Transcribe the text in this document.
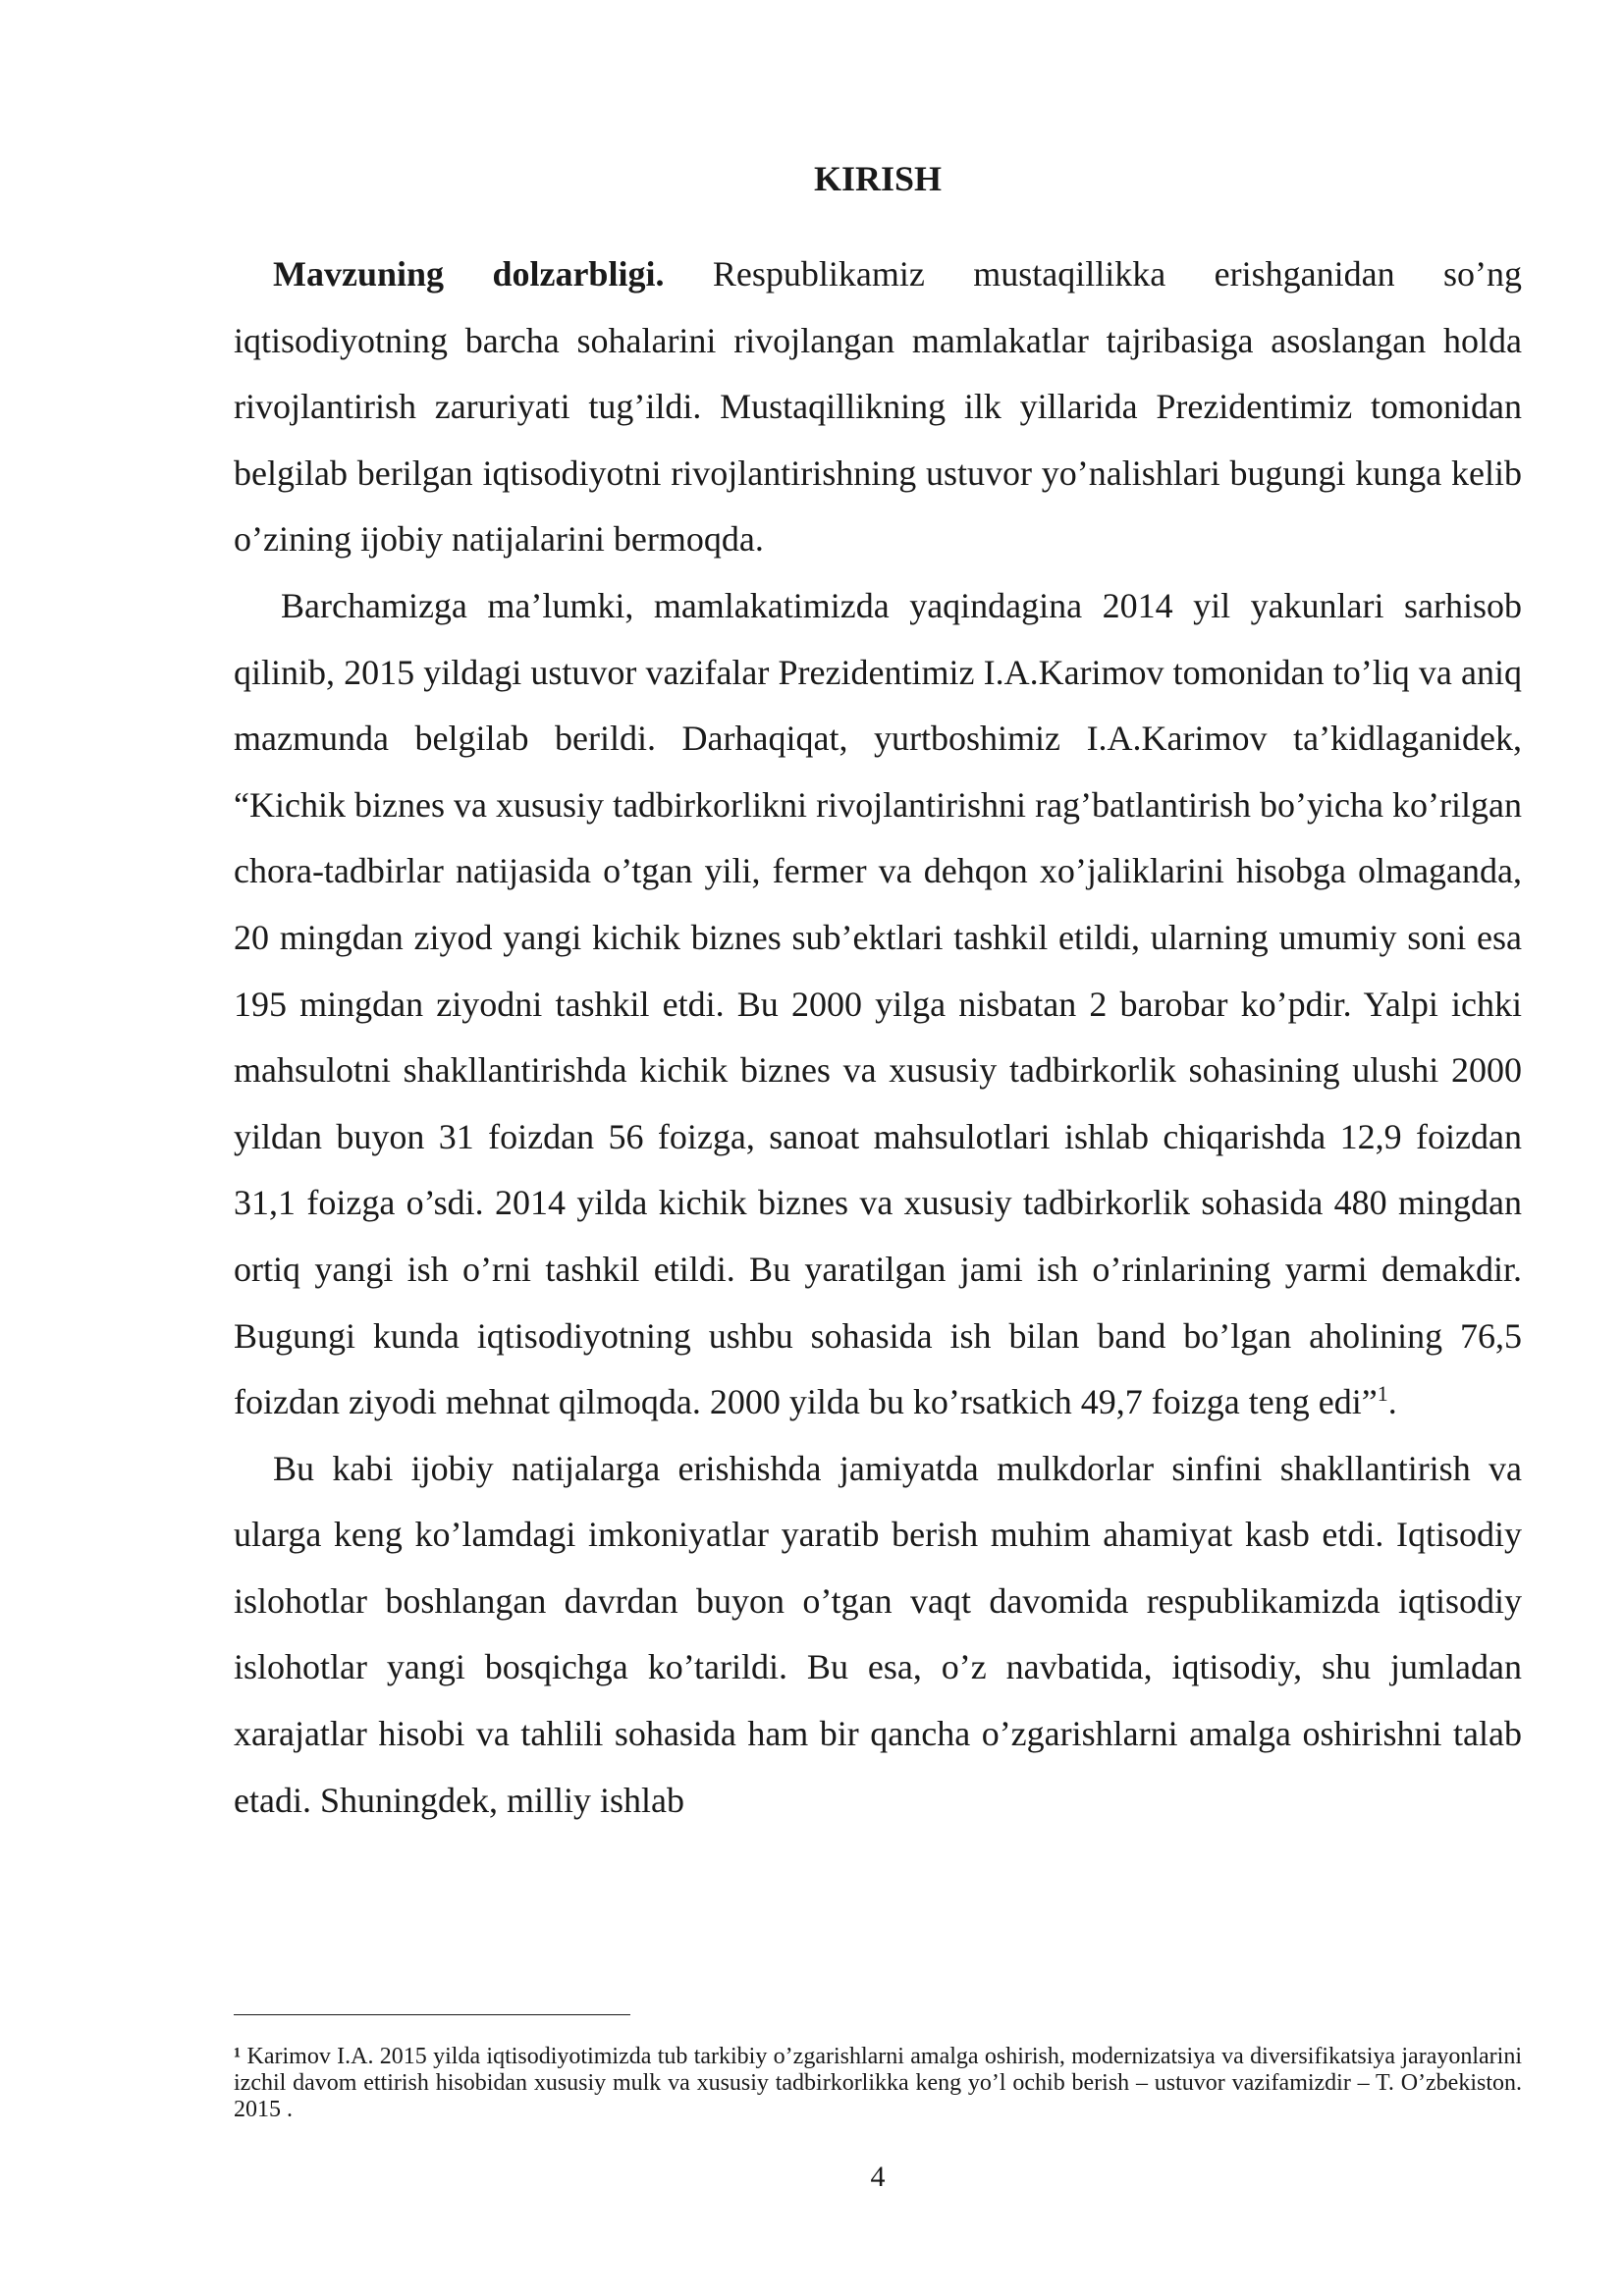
KIRISH

Mavzuning dolzarbligi. Respublikamiz mustaqillikka erishganidan so’ng iqtisodiyotning barcha sohalarini rivojlangan mamlakatlar tajribasiga asoslangan holda rivojlantirish zaruriyati tug’ildi. Mustaqillikning ilk yillarida Prezidentimiz tomonidan belgilab berilgan iqtisodiyotni rivojlantirishning ustuvor yo’nalishlari bugungi kunga kelib o’zining ijobiy natijalarini bermoqda.

Barchamizga ma’lumki, mamlakatimizda yaqindagina 2014 yil yakunlari sarhisob qilinib, 2015 yildagi ustuvor vazifalar Prezidentimiz I.A.Karimov tomonidan to’liq va aniq mazmunda belgilab berildi. Darhaqiqat, yurtboshimiz I.A.Karimov ta’kidlaganidek, “Kichik biznes va xususiy tadbirkorlikni rivojlantirishni rag’batlantirish bo’yicha ko’rilgan chora-tadbirlar natijasida o’tgan yili, fermer va dehqon xo’jaliklarini hisobga olmaganda, 20 mingdan ziyod yangi kichik biznes sub’ektlari tashkil etildi, ularning umumiy soni esa 195 mingdan ziyodni tashkil etdi. Bu 2000 yilga nisbatan 2 barobar ko’pdir. Yalpi ichki mahsulotni shakllantirishda kichik biznes va xususiy tadbirkorlik sohasining ulushi 2000 yildan buyon 31 foizdan 56 foizga, sanoat mahsulotlari ishlab chiqarishda 12,9 foizdan 31,1 foizga o’sdi. 2014 yilda kichik biznes va xususiy tadbirkorlik sohasida 480 mingdan ortiq yangi ish o’rni tashkil etildi. Bu yaratilgan jami ish o’rinlarining yarmi demakdir. Bugungi kunda iqtisodiyotning ushbu sohasida ish bilan band bo’lgan aholining 76,5 foizdan ziyodi mehnat qilmoqda. 2000 yilda bu ko’rsatkich 49,7 foizga teng edi”$^1$.

Bu kabi ijobiy natijalarga erishishda jamiyatda mulkdorlar sinfini shakllantirish va ularga keng ko’lamdagi imkoniyatlar yaratib berish muhim ahamiyat kasb etdi. Iqtisodiy islohotlar boshlangan davrdan buyon o’tgan vaqt davomida respublikamizda iqtisodiy islohotlar yangi bosqichga ko’tarildi. Bu esa, o’z navbatida, iqtisodiy, shu jumladan xarajatlar hisobi va tahlili sohasida ham bir qancha o’zgarishlarni amalga oshirishni talab etadi. Shuningdek, milliy ishlab

¹ Karimov I.A. 2015 yilda iqtisodiyotimizda tub tarkibiy o’zgarishlarni amalga oshirish, modernizatsiya va diversifikatsiya jarayonlarini izchil davom ettirish hisobidan xususiy mulk va xususiy tadbirkorlikka keng yo’l ochib berish – ustuvor vazifamizdir – T. O’zbekiston. 2015 .

4
